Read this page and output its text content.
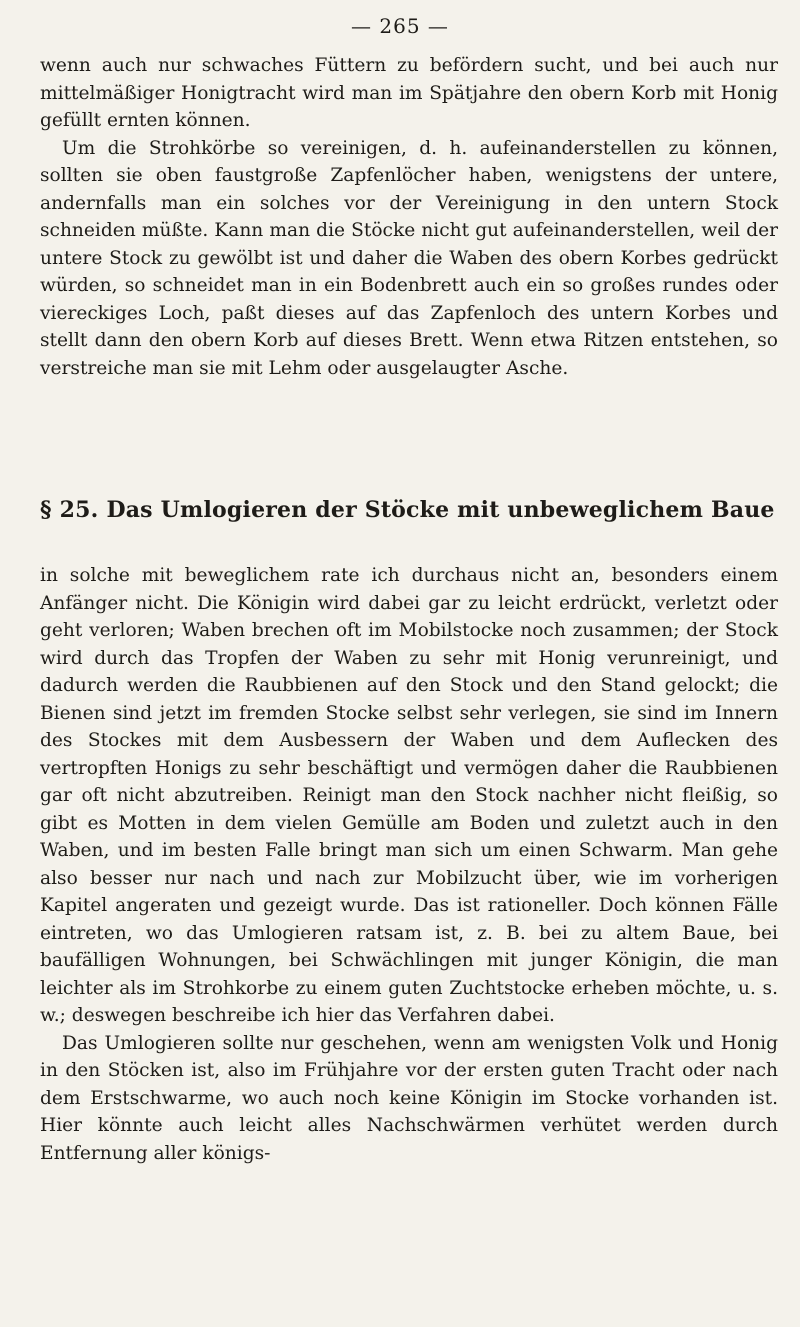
— 265 —

wenn auch nur schwaches Füttern zu befördern sucht, und bei auch nur mittelmäßiger Honigtracht wird man im Spätjahre den obern Korb mit Honig gefüllt ernten können.

Um die Strohkörbe so vereinigen, d. h. aufeinanderstellen zu können, sollten sie oben faustgroße Zapfenlöcher haben, wenigstens der untere, andernfalls man ein solches vor der Vereinigung in den untern Stock schneiden müßte. Kann man die Stöcke nicht gut aufeinanderstellen, weil der untere Stock zu gewölbt ist und daher die Waben des obern Korbes gedrückt würden, so schneidet man in ein Bodenbrett auch ein so großes rundes oder viereckiges Loch, paßt dieses auf das Zapfenloch des untern Korbes und stellt dann den obern Korb auf dieses Brett. Wenn etwa Ritzen entstehen, so verstreiche man sie mit Lehm oder ausgelaugter Asche.

§ 25. Das Umlogieren der Stöcke mit unbeweglichem Baue

in solche mit beweglichem rate ich durchaus nicht an, besonders einem Anfänger nicht. Die Königin wird dabei gar zu leicht erdrückt, verletzt oder geht verloren; Waben brechen oft im Mobilstocke noch zusammen; der Stock wird durch das Tropfen der Waben zu sehr mit Honig verunreinigt, und dadurch werden die Raubbienen auf den Stock und den Stand gelockt; die Bienen sind jetzt im fremden Stocke selbst sehr verlegen, sie sind im Innern des Stockes mit dem Ausbessern der Waben und dem Auflecken des vertropften Honigs zu sehr beschäftigt und vermögen daher die Raubbienen gar oft nicht abzutreiben. Reinigt man den Stock nachher nicht fleißig, so gibt es Motten in dem vielen Gemülle am Boden und zuletzt auch in den Waben, und im besten Falle bringt man sich um einen Schwarm. Man gehe also besser nur nach und nach zur Mobilzucht über, wie im vorherigen Kapitel angeraten und gezeigt wurde. Das ist rationeller. Doch können Fälle eintreten, wo das Umlogieren ratsam ist, z. B. bei zu altem Baue, bei baufälligen Wohnungen, bei Schwächlingen mit junger Königin, die man leichter als im Strohkorbe zu einem guten Zuchtstocke erheben möchte, u. s. w.; deswegen beschreibe ich hier das Verfahren dabei.

Das Umlogieren sollte nur geschehen, wenn am wenigsten Volk und Honig in den Stöcken ist, also im Frühjahre vor der ersten guten Tracht oder nach dem Erstschwarme, wo auch noch keine Königin im Stocke vorhanden ist. Hier könnte auch leicht alles Nachschwärmen verhütet werden durch Entfernung aller königs-
